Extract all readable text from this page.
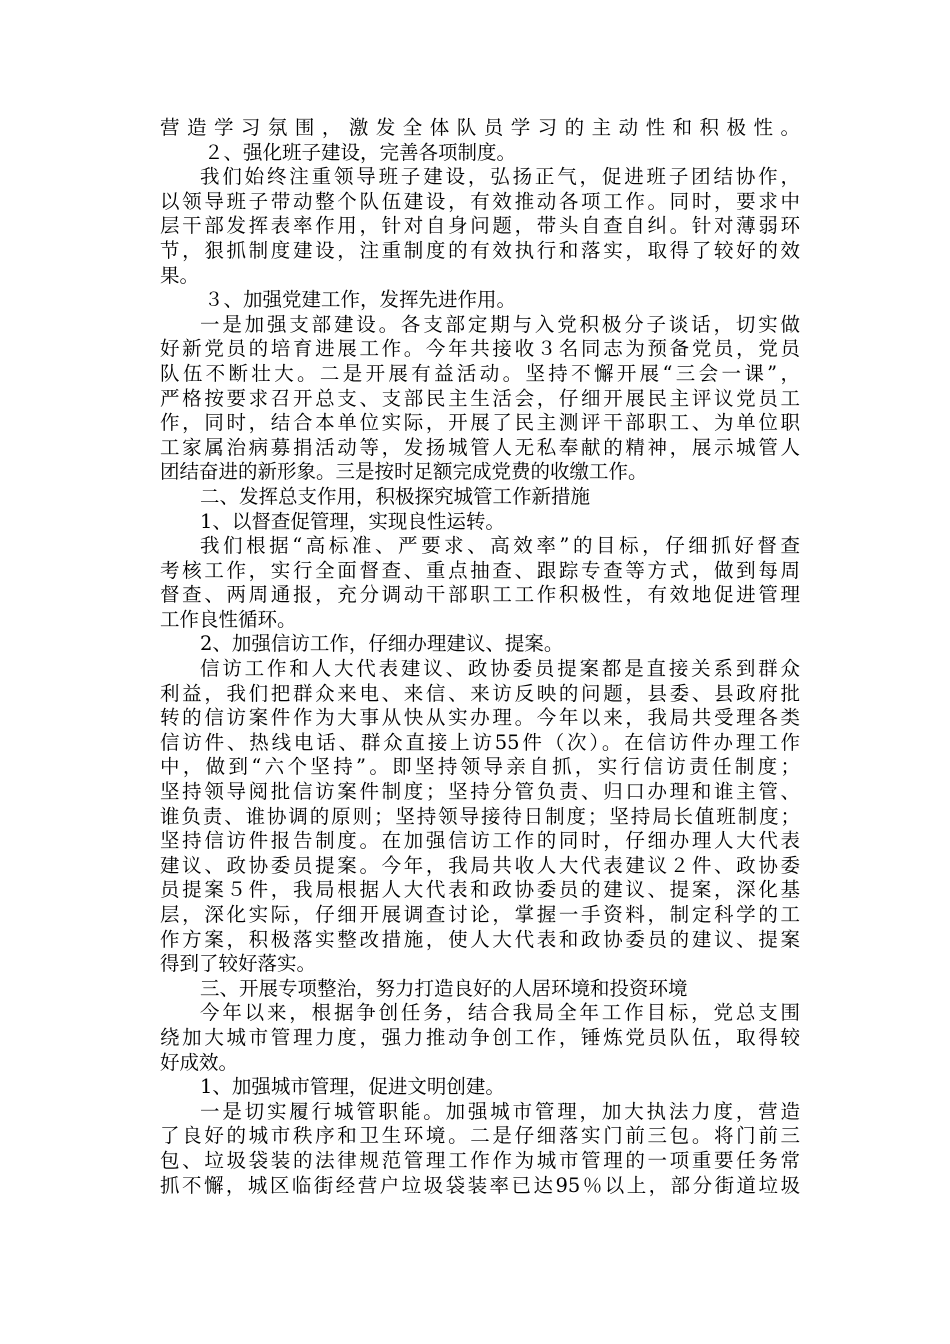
营造学习氛围，激发全体队员学习的主动性和积极性。
２、强化班子建设，完善各项制度。
我们始终注重领导班子建设，弘扬正气，促进班子团结协作，
以领导班子带动整个队伍建设，有效推动各项工作。同时，要求中
层干部发挥表率作用，针对自身问题，带头自查自纠。针对薄弱环
节，狠抓制度建设，注重制度的有效执行和落实，取得了较好的效
果。
３、加强党建工作，发挥先进作用。
一是加强支部建设。各支部定期与入党积极分子谈话，切实做
好新党员的培育进展工作。今年共接收３名同志为预备党员，党员
队伍不断壮大。二是开展有益活动。坚持不懈开展“三会一课”，
严格按要求召开总支、支部民主生活会，仔细开展民主评议党员工
作，同时，结合本单位实际，开展了民主测评干部职工、为单位职
工家属治病募捐活动等，发扬城管人无私奉献的精神，展示城管人
团结奋进的新形象。三是按时足额完成党费的收缴工作。
二、发挥总支作用，积极探究城管工作新措施
1、以督查促管理，实现良性运转。
我们根据“高标准、严要求、高效率”的目标，仔细抓好督查
考核工作，实行全面督查、重点抽查、跟踪专查等方式，做到每周
督查、两周通报，充分调动干部职工工作积极性，有效地促进管理
工作良性循环。
2、加强信访工作，仔细办理建议、提案。
信访工作和人大代表建议、政协委员提案都是直接关系到群众
利益，我们把群众来电、来信、来访反映的问题，县委、县政府批
转的信访案件作为大事从快从实办理。今年以来，我局共受理各类
信访件、热线电话、群众直接上访55件（次）。在信访件办理工作
中，做到“六个坚持”。即坚持领导亲自抓，实行信访责任制度；
坚持领导阅批信访案件制度；坚持分管负责、归口办理和谁主管、
谁负责、谁协调的原则；坚持领导接待日制度；坚持局长值班制度；
坚持信访件报告制度。在加强信访工作的同时，仔细办理人大代表
建议、政协委员提案。今年，我局共收人大代表建议２件、政协委
员提案５件，我局根据人大代表和政协委员的建议、提案，深化基
层，深化实际，仔细开展调查讨论，掌握一手资料，制定科学的工
作方案，积极落实整改措施，使人大代表和政协委员的建议、提案
得到了较好落实。
三、开展专项整治，努力打造良好的人居环境和投资环境
今年以来，根据争创任务，结合我局全年工作目标，党总支围
绕加大城市管理力度，强力推动争创工作，锤炼党员队伍，取得较
好成效。
1、加强城市管理，促进文明创建。
一是切实履行城管职能。加强城市管理，加大执法力度，营造
了良好的城市秩序和卫生环境。二是仔细落实门前三包。将门前三
包、垃圾袋装的法律规范管理工作作为城市管理的一项重要任务常
抓不懈，城区临街经营户垃圾袋装率已达95％以上，部分街道垃圾
